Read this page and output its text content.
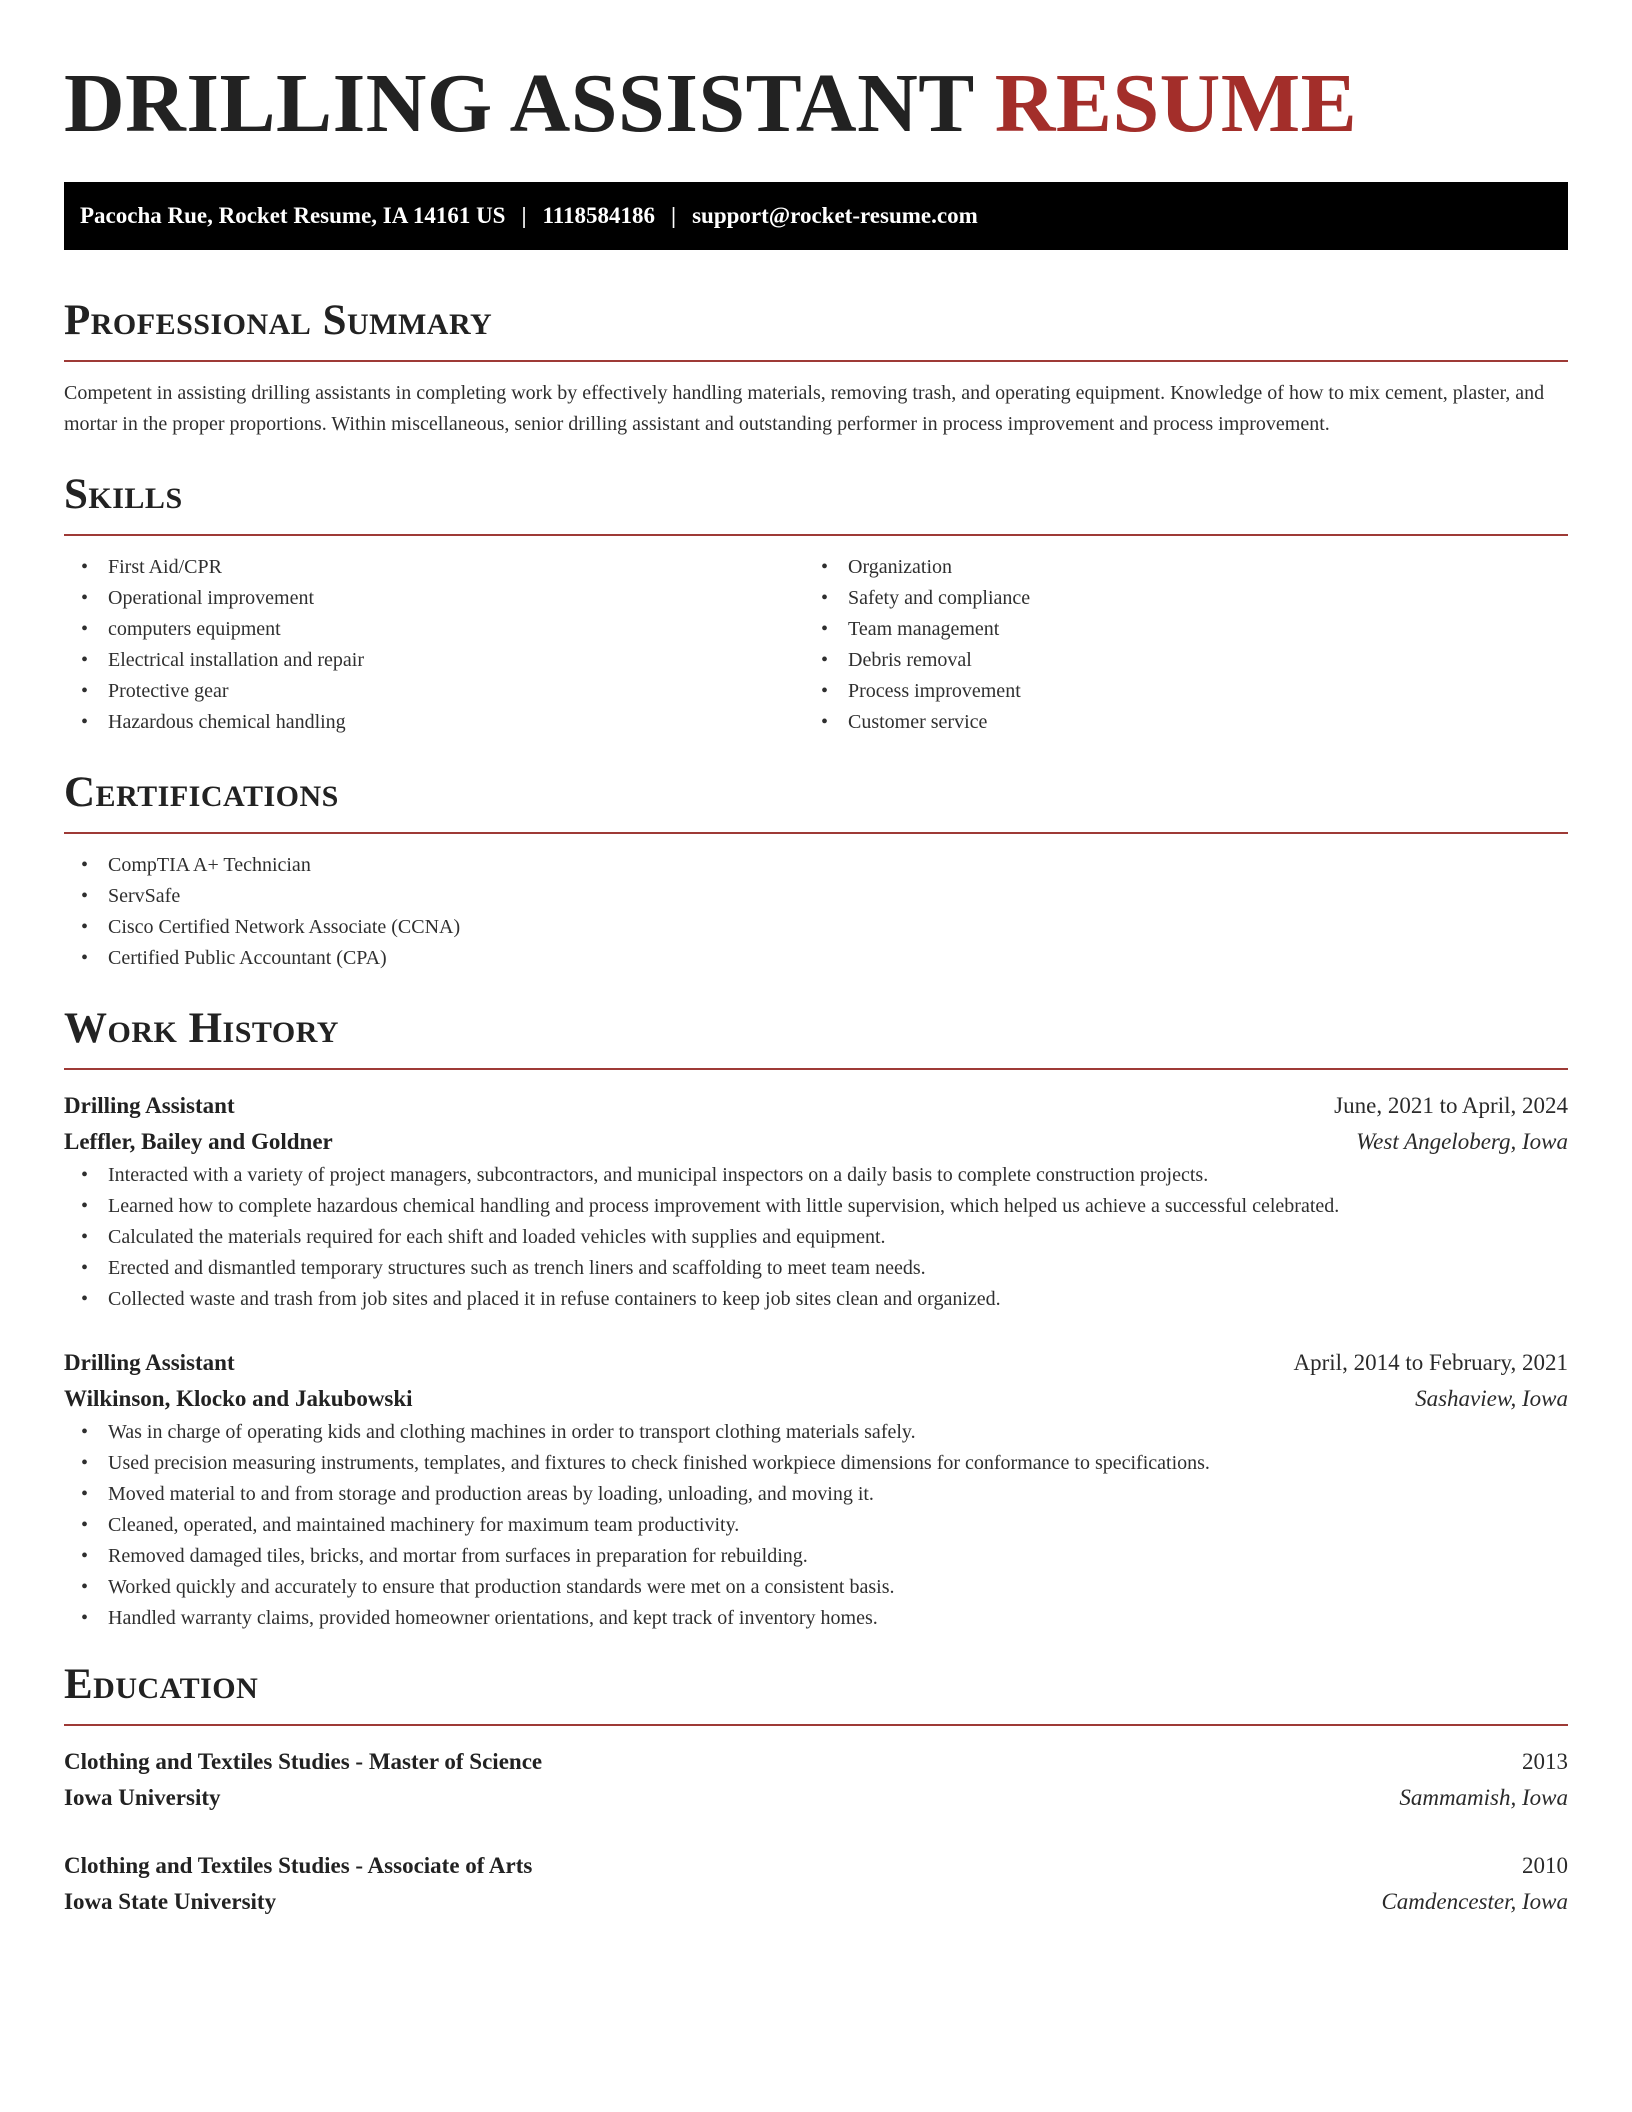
DRILLING ASSISTANT RESUME
Pacocha Rue, Rocket Resume, IA 14161 US | 1118584186 | support@rocket-resume.com
Professional Summary

Competent in assisting drilling assistants in completing work by effectively handling materials, removing trash, and operating equipment. Knowledge of how to mix cement, plaster, and mortar in the proper proportions. Within miscellaneous, senior drilling assistant and outstanding performer in process improvement and process improvement.

Skills
• First Aid/CPR
• Operational improvement
• computers equipment
• Electrical installation and repair
• Protective gear
• Hazardous chemical handling
• Organization
• Safety and compliance
• Team management
• Debris removal
• Process improvement
• Customer service
Certifications
• CompTIA A+ Technician
• ServSafe
• Cisco Certified Network Associate (CCNA)
• Certified Public Accountant (CPA)
Work History
Drilling Assistant	June, 2021 to April, 2024
Leffler, Bailey and Goldner	West Angeloberg, Iowa
• Interacted with a variety of project managers, subcontractors, and municipal inspectors on a daily basis to complete construction projects.
• Learned how to complete hazardous chemical handling and process improvement with little supervision, which helped us achieve a successful celebrated.
• Calculated the materials required for each shift and loaded vehicles with supplies and equipment.
• Erected and dismantled temporary structures such as trench liners and scaffolding to meet team needs.
• Collected waste and trash from job sites and placed it in refuse containers to keep job sites clean and organized.
Drilling Assistant	April, 2014 to February, 2021
Wilkinson, Klocko and Jakubowski	Sashaview, Iowa
• Was in charge of operating kids and clothing machines in order to transport clothing materials safely.
• Used precision measuring instruments, templates, and fixtures to check finished workpiece dimensions for conformance to specifications.
• Moved material to and from storage and production areas by loading, unloading, and moving it.
• Cleaned, operated, and maintained machinery for maximum team productivity.
• Removed damaged tiles, bricks, and mortar from surfaces in preparation for rebuilding.
• Worked quickly and accurately to ensure that production standards were met on a consistent basis.
• Handled warranty claims, provided homeowner orientations, and kept track of inventory homes.
Education
Clothing and Textiles Studies - Master of Science	2013
Iowa University	Sammamish, Iowa
Clothing and Textiles Studies - Associate of Arts	2010
Iowa State University	Camdencester, Iowa
